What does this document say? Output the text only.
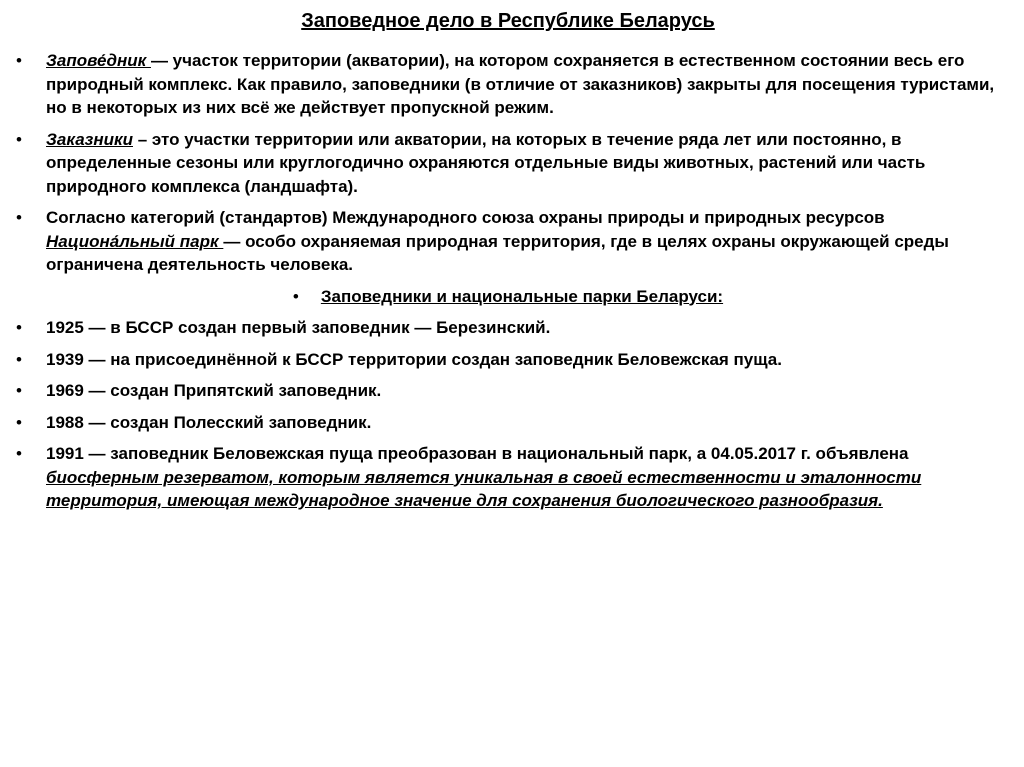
Заповедное дело в Республике Беларусь
• Запове́дник — участок территории (акватории), на котором сохраняется в естественном состоянии весь его природный комплекс. Как правило, заповедники (в отличие от заказников) закрыты для посещения туристами, но в некоторых из них всё же действует пропускной режим.
• Заказники – это участки территории или акватории, на которых в течение ряда лет или постоянно, в определенные сезоны или круглогодично охраняются отдельные виды животных, растений или часть природного комплекса (ландшафта).
• Согласно категорий (стандартов) Международного союза охраны природы и природных ресурсов Национа́льный парк — особо охраняемая природная территория, где в целях охраны окружающей среды ограничена деятельность человека.
• Заповедники и национальные парки Беларуси:
• 1925 — в БССР создан первый заповедник — Березинский.
• 1939 — на присоединённой к БССР территории создан заповедник Беловежская пуща.
• 1969 — создан Припятский заповедник.
• 1988 — создан Полесский заповедник.
• 1991 — заповедник Беловежская пуща преобразован в национальный парк, а 04.05.2017 г. объявлена биосферным резерватом, которым является уникальная в своей естественности и эталонности территория, имеющая международное значение для сохранения биологического разнообразия.
